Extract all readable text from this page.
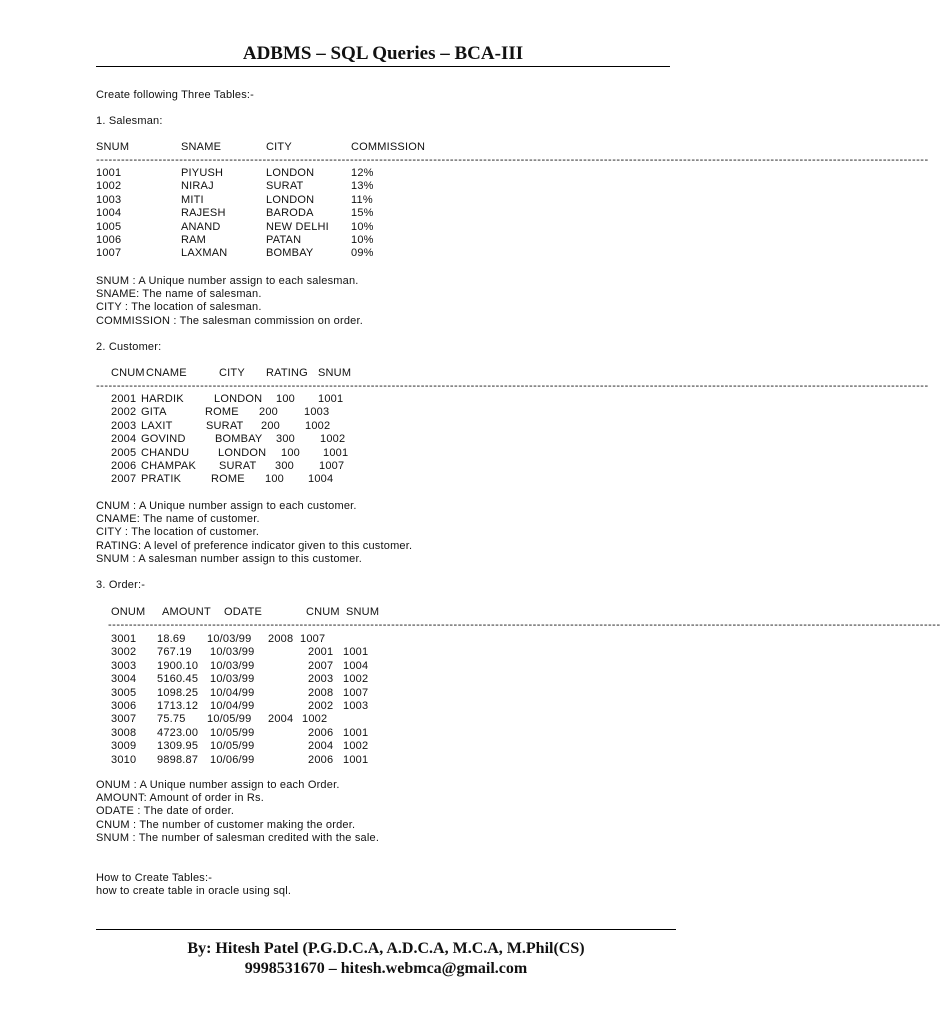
ADBMS – SQL Queries – BCA-III
Create following Three Tables:-
1. Salesman:
SNUM	SNAME	CITY	COMMISSION
--------------------------------------------------------------------------------------------------------------------------------------------------------------------------------------------------------
1001	PIYUSH	LONDON	12%
1002	NIRAJ	SURAT	13%
1003	MITI	LONDON	11%
1004	RAJESH	BARODA	15%
1005	ANAND	NEW DELHI 10%
1006	RAM	PATAN	10%
1007	LAXMAN	BOMBAY	09%
SNUM : A Unique number assign to each salesman.
SNAME: The name of salesman.
CITY : The location of salesman.
COMMISSION : The salesman commission on order.
2. Customer:
CNUM CNAME	CITY RATING SNUM
--------------------------------------------------------------------------------------------------------------------------------------------------------------------------------------------------------
2001 HARDIK	LONDON 100 1001
2002 GITA	ROME 200 1003
2003 LAXIT	SURAT 200 1002
2004 GOVIND	BOMBAY 300 1002
2005 CHANDU	LONDON 100 1001
2006 CHAMPAK SURAT 300 1007
2007 PRATIK	ROME 100 1004
CNUM : A Unique number assign to each customer.
CNAME: The name of customer.
CITY : The location of customer.
RATING: A level of preference indicator given to this customer.
SNUM : A salesman number assign to this customer.
3. Order:-
ONUM AMOUNT ODATE	CNUM SNUM
--------------------------------------------------------------------------------------------------------------------------------------------------------------------------------------------------------
3001 18.69 10/03/99 2008 1007
3002 767.19 10/03/99	2001 1001
3003 1900.10 10/03/99	2007 1004
3004 5160.45 10/03/99	2003 1002
3005 1098.25 10/04/99	2008 1007
3006 1713.12 10/04/99	2002 1003
3007 75.75 10/05/99 2004 1002
3008 4723.00 10/05/99	2006 1001
3009 1309.95 10/05/99	2004 1002
3010 9898.87 10/06/99	2006 1001
ONUM : A Unique number assign to each Order.
AMOUNT: Amount of order in Rs.
ODATE : The date of order.
CNUM : The number of customer making the order.
SNUM : The number of salesman credited with the sale.
How to Create Tables:-
how to create table in oracle using sql.
By: Hitesh Patel (P.G.D.C.A, A.D.C.A, M.C.A, M.Phil(CS)
9998531670 – hitesh.webmca@gmail.com
